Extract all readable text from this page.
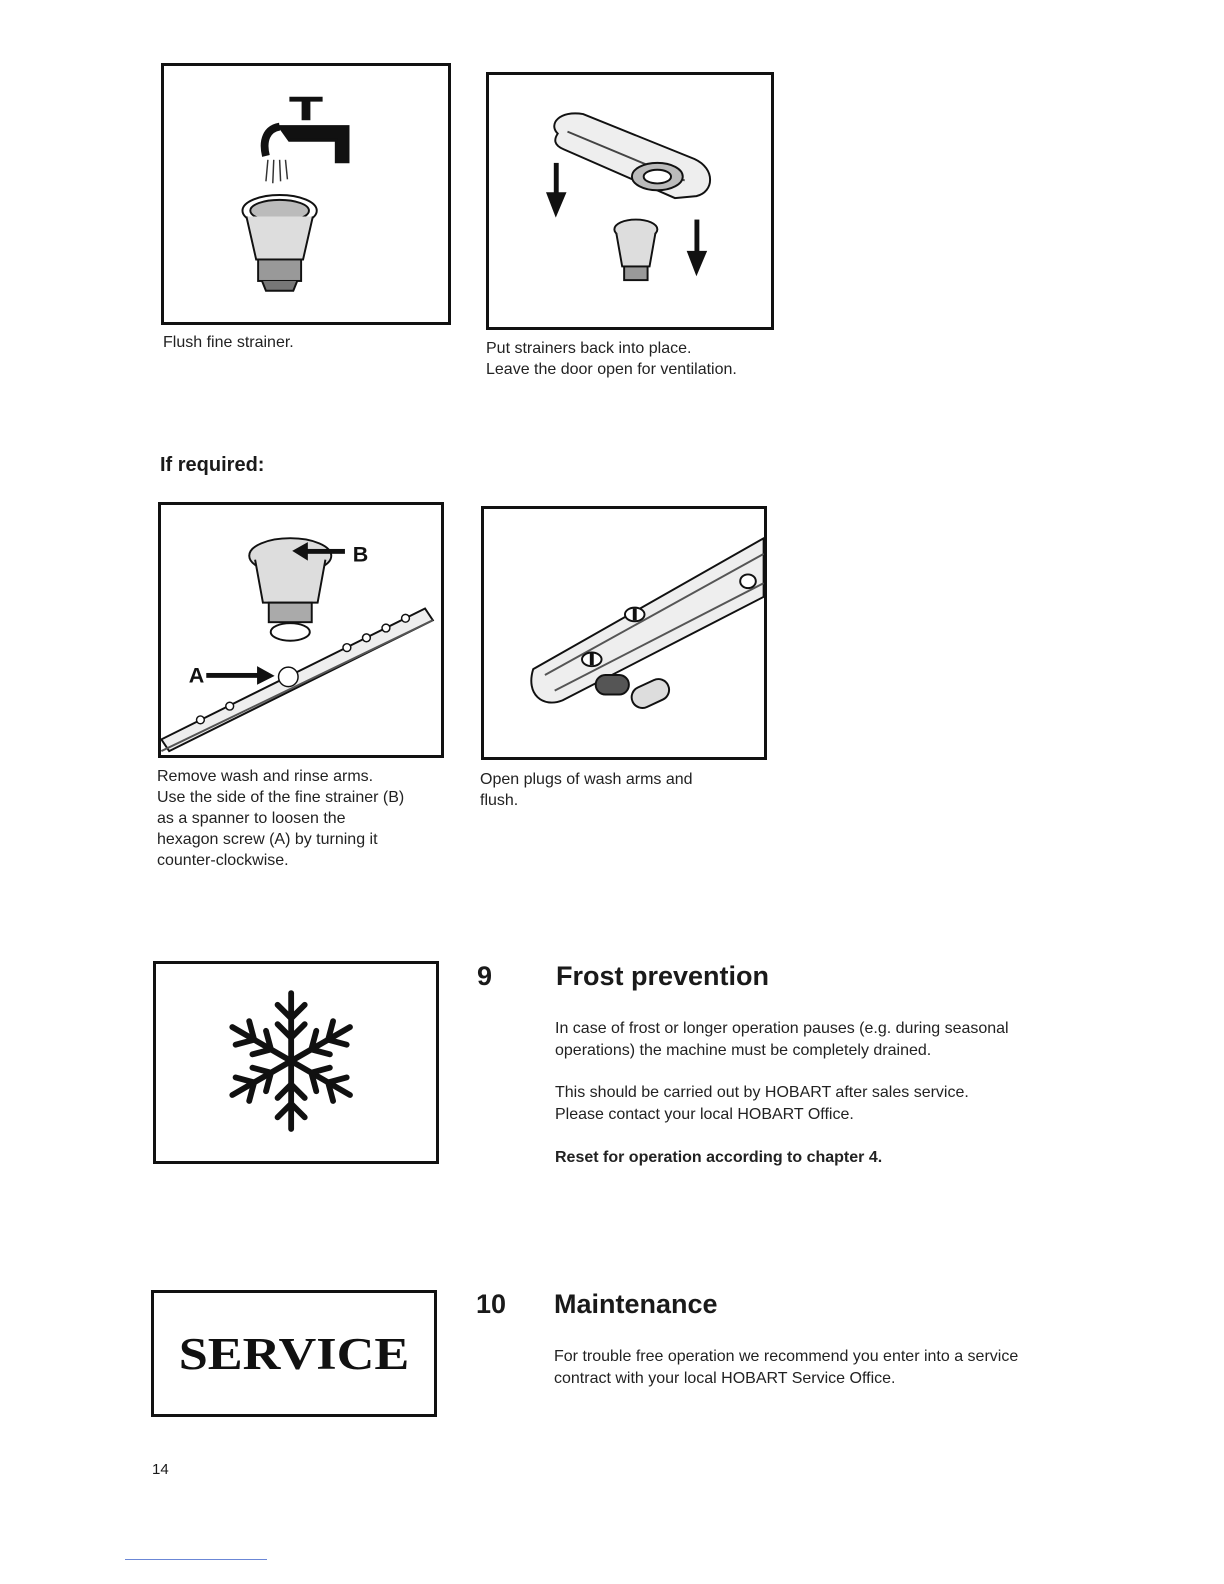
Flush fine strainer.	Put strainers back into place.
Leave the door open for ventilation.
If required:
B
A
Remove wash and rinse arms.
Use the side of the fine strainer (B)
as a spanner to loosen the
hexagon screw (A) by turning it
counter-clockwise.
Open plugs of wash arms and
flush.
9 Frost prevention
In case of frost or longer operation pauses (e.g. during seasonal
operations) the machine must be completely drained.
This should be carried out by HOBART after sales service.
Please contact your local HOBART Office.
Reset for operation according to chapter 4.
SERVICE
10 Maintenance
For trouble free operation we recommend you enter into a service
contract with your local HOBART Service Office.
14
